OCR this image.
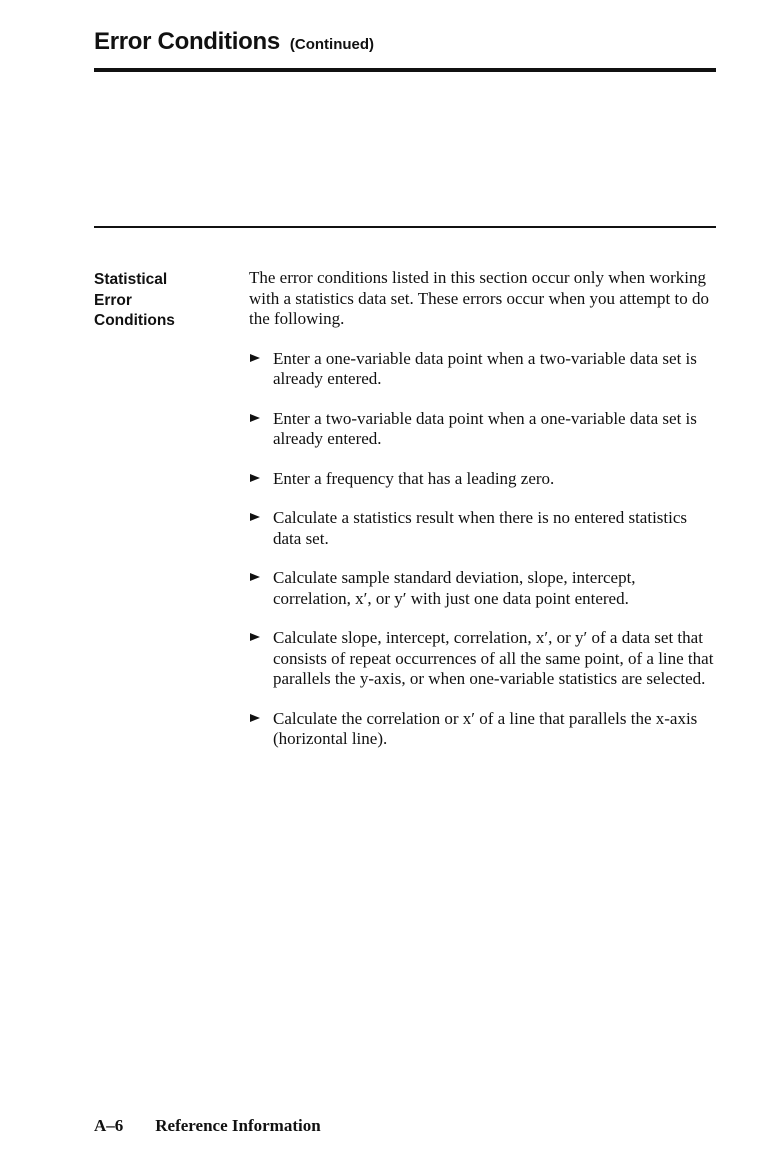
Error Conditions (Continued)
Statistical
Error
Conditions

The error conditions listed in this section occur only when working with a statistics data set. These errors occur when you attempt to do the following.

Enter a one-variable data point when a two-variable data set is already entered.
Enter a two-variable data point when a one-variable data set is already entered.
Enter a frequency that has a leading zero.
Calculate a statistics result when there is no entered statistics data set.
Calculate sample standard deviation, slope, intercept, correlation, x′, or y′ with just one data point entered.
Calculate slope, intercept, correlation, x′, or y′ of a data set that consists of repeat occurrences of all the same point, of a line that parallels the y-axis, or when one-variable statistics are selected.
Calculate the correlation or x′ of a line that parallels the x-axis (horizontal line).
A–6 Reference Information
